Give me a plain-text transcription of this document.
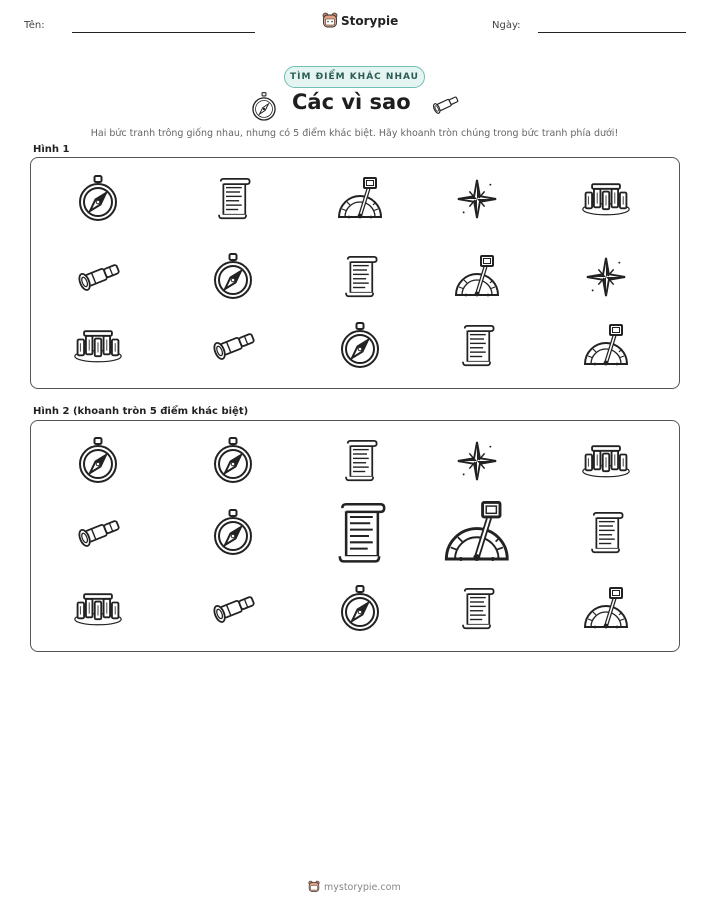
Tên:	Storypie	Ngày:
TÌM ĐIỂM KHÁC NHAU
Các vì sao
Hai bức tranh trông giống nhau, nhưng có 5 điểm khác biệt. Hãy khoanh tròn chúng trong bức tranh phía dưới!
Hình 1
Hình 2 (khoanh tròn 5 điểm khác biệt)
mystorypie.com
